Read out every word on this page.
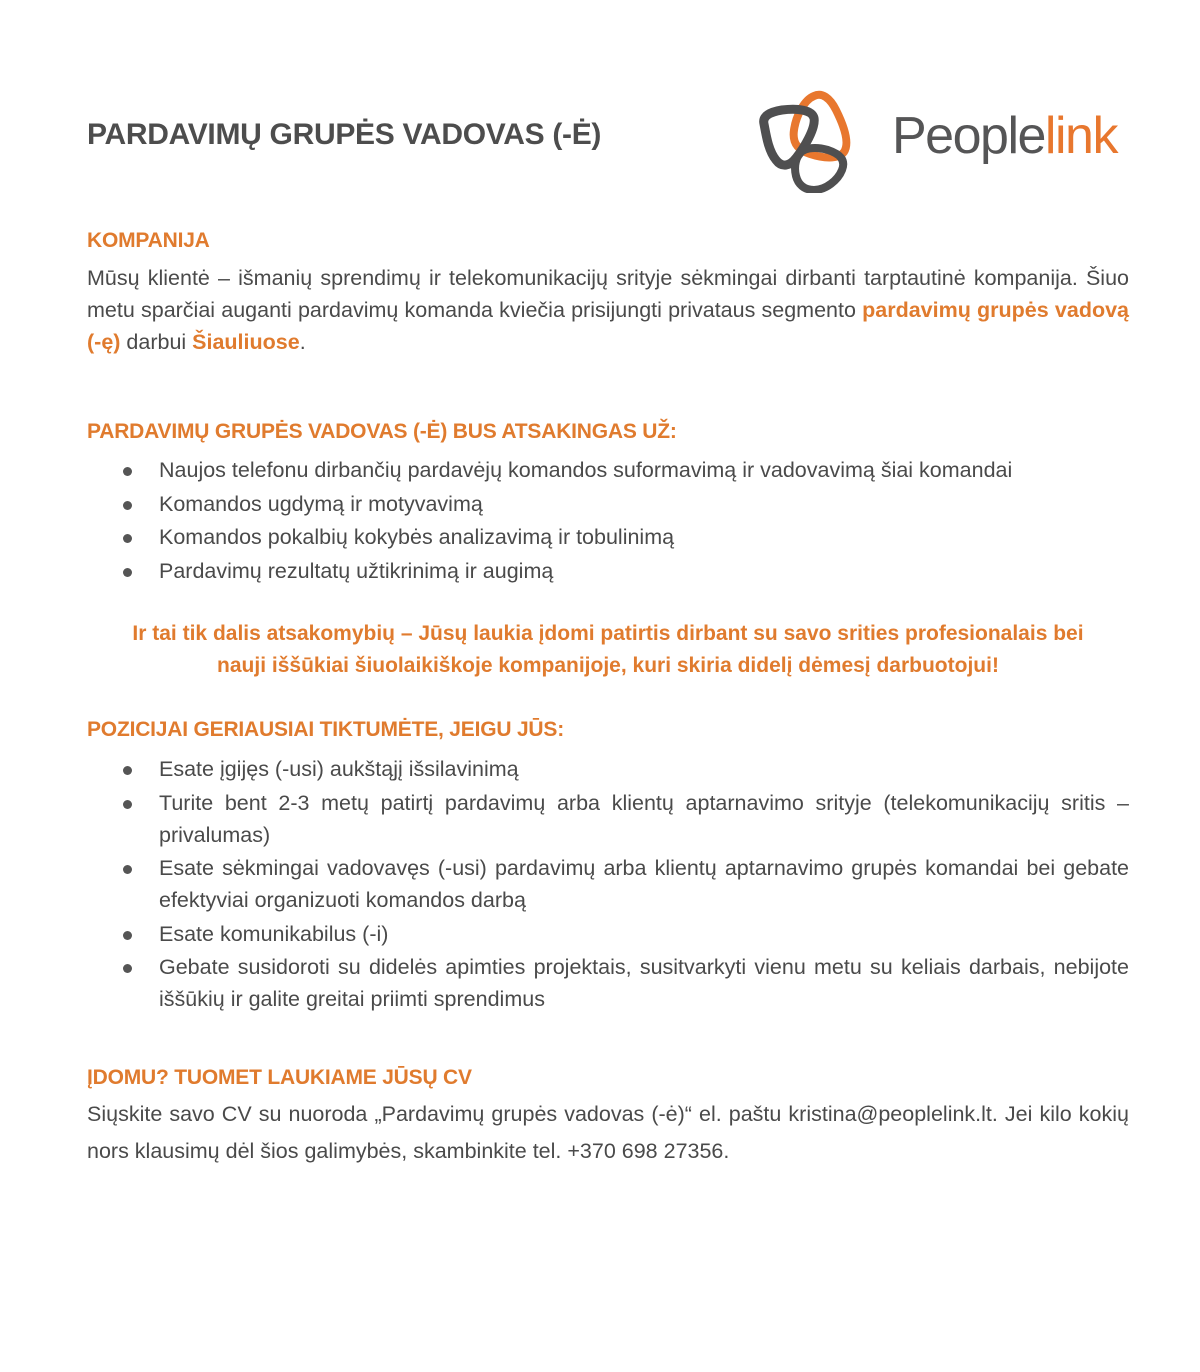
PARDAVIMŲ GRUPĖS VADOVAS (-Ė)	Peoplelink
KOMPANIJA
Mūsų klientė – išmanių sprendimų ir telekomunikacijų srityje sėkmingai dirbanti tarptautinė kompanija. Šiuo metu sparčiai auganti pardavimų komanda kviečia prisijungti privataus segmento pardavimų grupės vadovą (-ę) darbui Šiauliuose.
PARDAVIMŲ GRUPĖS VADOVAS (-Ė) BUS ATSAKINGAS UŽ:
Naujos telefonu dirbančių pardavėjų komandos suformavimą ir vadovavimą šiai komandai
Komandos ugdymą ir motyvavimą
Komandos pokalbių kokybės analizavimą ir tobulinimą
Pardavimų rezultatų užtikrinimą ir augimą
Ir tai tik dalis atsakomybių – Jūsų laukia įdomi patirtis dirbant su savo srities profesionalais bei
nauji iššūkiai šiuolaikiškoje kompanijoje, kuri skiria didelį dėmesį darbuotojui!
POZICIJAI GERIAUSIAI TIKTUMĖTE, JEIGU JŪS:
Esate įgijęs (-usi) aukštąjį išsilavinimą
Turite bent 2-3 metų patirtį pardavimų arba klientų aptarnavimo srityje (telekomunikacijų sritis – privalumas)
Esate sėkmingai vadovavęs (-usi) pardavimų arba klientų aptarnavimo grupės komandai bei gebate efektyviai organizuoti komandos darbą
Esate komunikabilus (-i)
Gebate susidoroti su didelės apimties projektais, susitvarkyti vienu metu su keliais darbais, nebijote iššūkių ir galite greitai priimti sprendimus
ĮDOMU? TUOMET LAUKIAME JŪSŲ CV
Siųskite savo CV su nuoroda „Pardavimų grupės vadovas (-ė)“ el. paštu kristina@peoplelink.lt. Jei kilo kokių nors klausimų dėl šios galimybės, skambinkite tel. +370 698 27356.
